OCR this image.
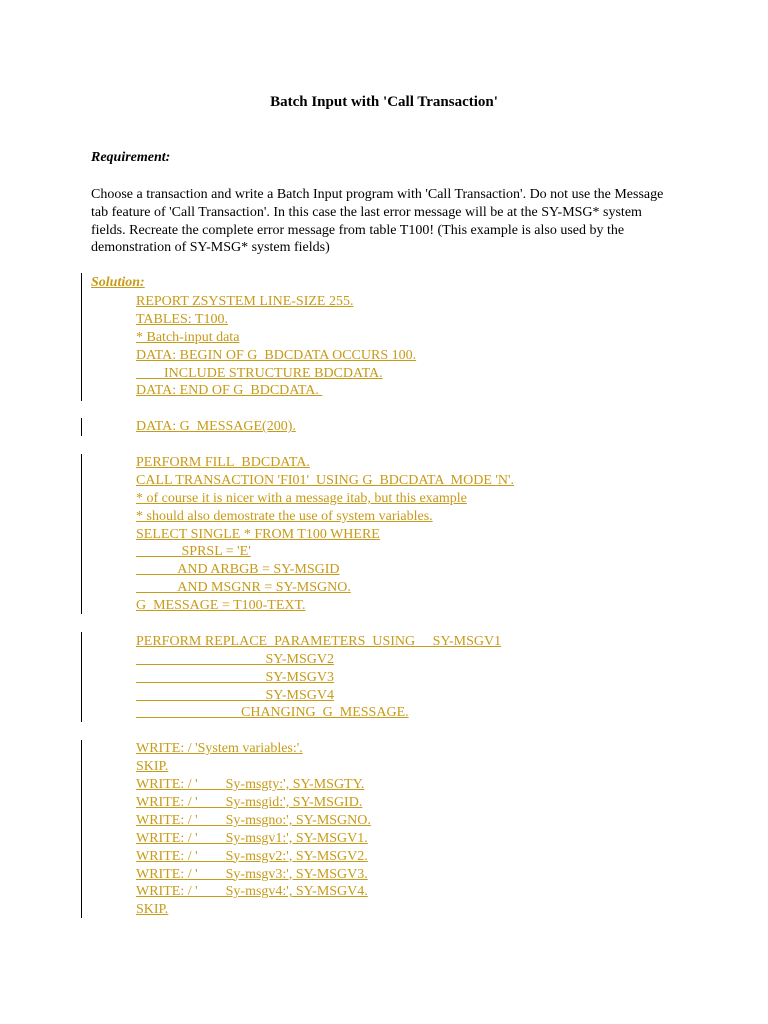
Batch Input with 'Call Transaction'
Requirement:

Choose a transaction and write a Batch Input program with 'Call Transaction'. Do not use the Message tab feature of 'Call Transaction'. In this case the last error message will be at the SY-MSG* system fields. Recreate the complete error message from table T100! (This example is also used by the demonstration of SY-MSG* system fields)

Solution:
REPORT ZSYSTEM LINE-SIZE 255.
TABLES: T100.
* Batch-input data
DATA: BEGIN OF G_BDCDATA OCCURS 100.
INCLUDE STRUCTURE BDCDATA.
DATA: END OF G_BDCDATA.
DATA: G_MESSAGE(200).
PERFORM FILL_BDCDATA.
CALL TRANSACTION 'FI01'  USING G_BDCDATA  MODE 'N'.
* of course it is nicer with a message itab, but this example
* should also demostrate the use of system variables.
SELECT SINGLE * FROM T100 WHERE
SPRSL = 'E'
AND ARBGB = SY-MSGID
AND MSGNR = SY-MSGNO.
G_MESSAGE = T100-TEXT.
PERFORM REPLACE_PARAMETERS  USING     SY-MSGV1
SY-MSGV2
SY-MSGV3
SY-MSGV4
CHANGING  G_MESSAGE.
WRITE: / 'System variables:'.
SKIP.
WRITE: / '        Sy-msgty:', SY-MSGTY.
WRITE: / '        Sy-msgid:', SY-MSGID.
WRITE: / '        Sy-msgno:', SY-MSGNO.
WRITE: / '        Sy-msgv1:', SY-MSGV1.
WRITE: / '        Sy-msgv2:', SY-MSGV2.
WRITE: / '        Sy-msgv3:', SY-MSGV3.
WRITE: / '        Sy-msgv4:', SY-MSGV4.
SKIP.
